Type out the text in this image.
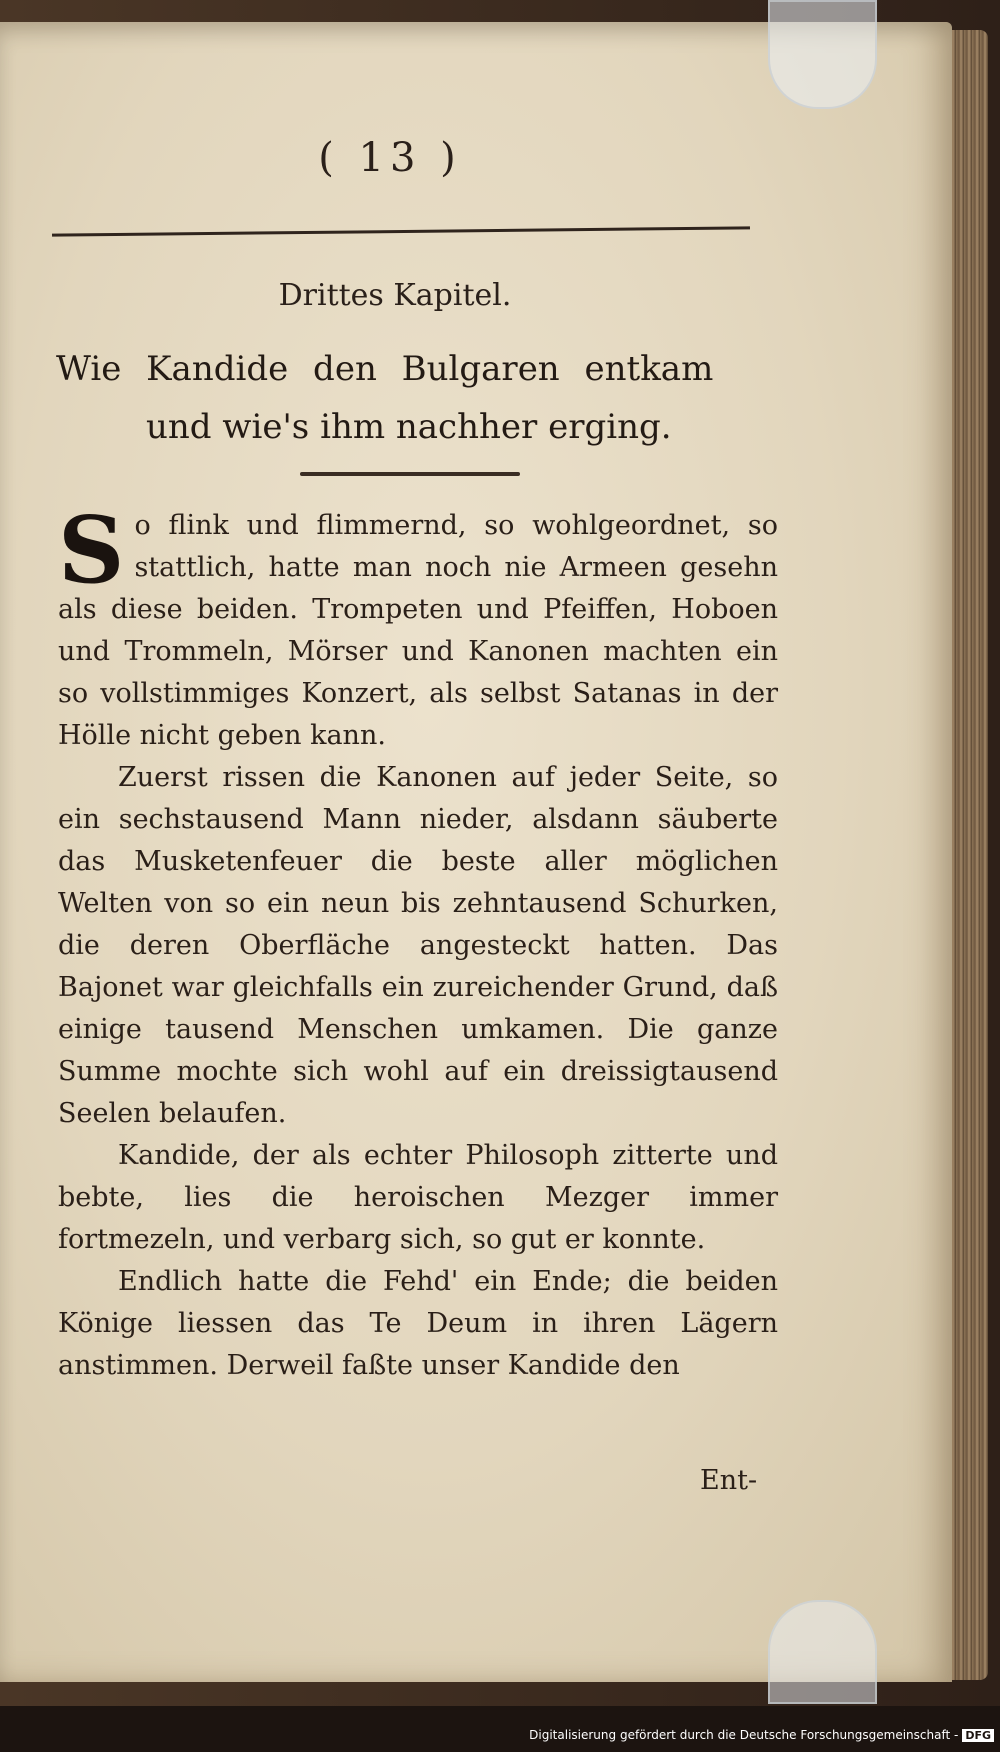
( 13 )
Drittes Kapitel.
Wie Kandide den Bulgaren entkam
und wie's ihm nachher erging.

So flink und flimmernd, so wohlgeordnet, so stattlich, hatte man noch nie Armeen gesehn als diese beiden. Trompeten und Pfeiffen, Hoboen und Trommeln, Mörser und Kanonen machten ein so vollstimmiges Konzert, als selbst Satanas in der Hölle nicht geben kann.

Zuerst rissen die Kanonen auf jeder Seite, so ein sechstausend Mann nieder, alsdann säuberte das Musketenfeuer die beste aller möglichen Welten von so ein neun bis zehntausend Schurken, die deren Oberfläche angesteckt hatten. Das Bajonet war gleichfalls ein zureichender Grund, daß einige tausend Menschen umkamen. Die ganze Summe mochte sich wohl auf ein dreissigtausend Seelen belaufen.

Kandide, der als echter Philosoph zitterte und bebte, lies die heroischen Mezger immer fortmezeln, und verbarg sich, so gut er konnte.

Endlich hatte die Fehd' ein Ende; die beiden Könige liessen das Te Deum in ihren Lägern anstimmen. Derweil faßte unser Kandide den

Ent-
Digitalisierung gefördert durch die Deutsche Forschungsgemeinschaft - DFG
